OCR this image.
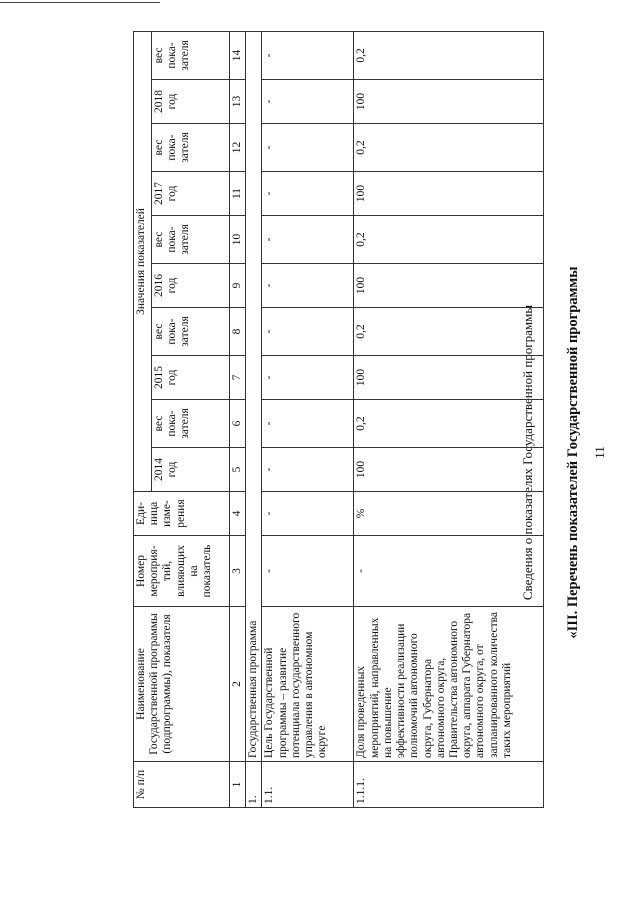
11
«III. Перечень показателей Государственной программы
Сведения о показателях Государственной программы
№ п/п	Наименование Государственной программы (подпрограммы), показателя	Номер мероприя-тий, влияющих на показатель	Еди-ница изме-рения	Значения показателей									
				2014 год	вес пока-зателя	2015 год	вес пока-зателя	2016 год	вес пока-зателя	2017 год	вес пока-зателя	2018 год	вес пока-зателя
1	2	3	4	5	6	7	8	9	10	11	12	13	14
1.	Государственная программа												
1.1.	Цель Государственной программы – развитие потенциала государственного управления в автономном округе	-	-	-	-	-	-	-	-	-	-	-	-
1.1.1.	Доля проведенных мероприятий, направленных на повышение эффективности реализации полномочий автономного округа, Губернатора автономного округа, Правительства автономного округа, аппарата Губернатора автономного округа, от запланированного количества таких мероприятий	-	%	100	0,2	100	0,2	100	0,2	100	0,2	100	0,2
